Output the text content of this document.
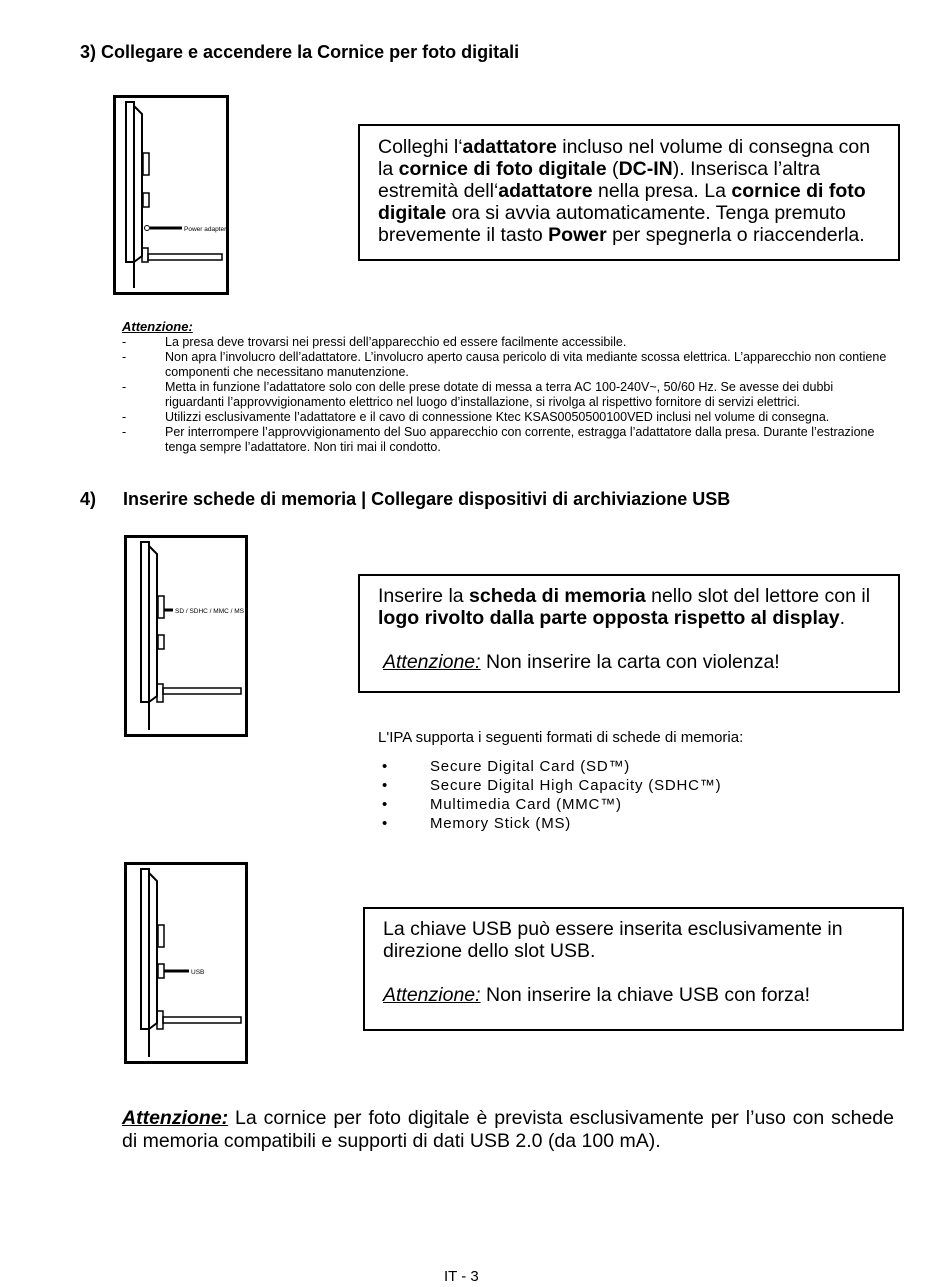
3) Collegare e accendere la Cornice per foto digitali
Power adapter
Colleghi l‘adattatore incluso nel volume di consegna con la cornice di foto digitale (DC-IN). Inserisca l’altra estremità dell‘adattatore nella presa. La cornice di foto digitale ora si avvia automaticamente. Tenga premuto brevemente il tasto Power per spegnerla o riaccenderla.
Attenzione:
- La presa deve trovarsi nei pressi dell’apparecchio ed essere facilmente accessibile.
- Non apra l’involucro dell’adattatore. L’involucro aperto causa pericolo di vita mediante scossa elettrica. L’apparecchio non contiene componenti che necessitano manutenzione.
- Metta in funzione l’adattatore solo con delle prese dotate di messa a terra AC 100-240V~, 50/60 Hz. Se avesse dei dubbi riguardanti l’approvvigionamento elettrico nel luogo d’installazione, si rivolga al rispettivo fornitore di servizi elettrici.
- Utilizzi esclusivamente l’adattatore e il cavo di connessione Ktec KSAS0050500100VED inclusi nel volume di consegna.
- Per interrompere l’approvvigionamento del Suo apparecchio con corrente, estragga l’adattatore dalla presa. Durante l’estrazione tenga sempre l’adattatore. Non tiri mai il condotto.
4) Inserire schede di memoria | Collegare dispositivi di archiviazione USB
SD / SDHC / MMC / MS
Inserire la scheda di memoria nello slot del lettore con il logo rivolto dalla parte opposta rispetto al display.
Attenzione: Non inserire la carta con violenza!
L'IPA supporta i seguenti formati di schede di memoria:
• Secure Digital Card (SD™)
• Secure Digital High Capacity (SDHC™)
• Multimedia Card (MMC™)
• Memory Stick (MS)
USB
La chiave USB può essere inserita esclusivamente in direzione dello slot USB.
Attenzione: Non inserire la chiave USB con forza!
Attenzione: La cornice per foto digitale è prevista esclusivamente per l’uso con schede di memoria compatibili e supporti di dati USB 2.0 (da 100 mA).
IT - 3
